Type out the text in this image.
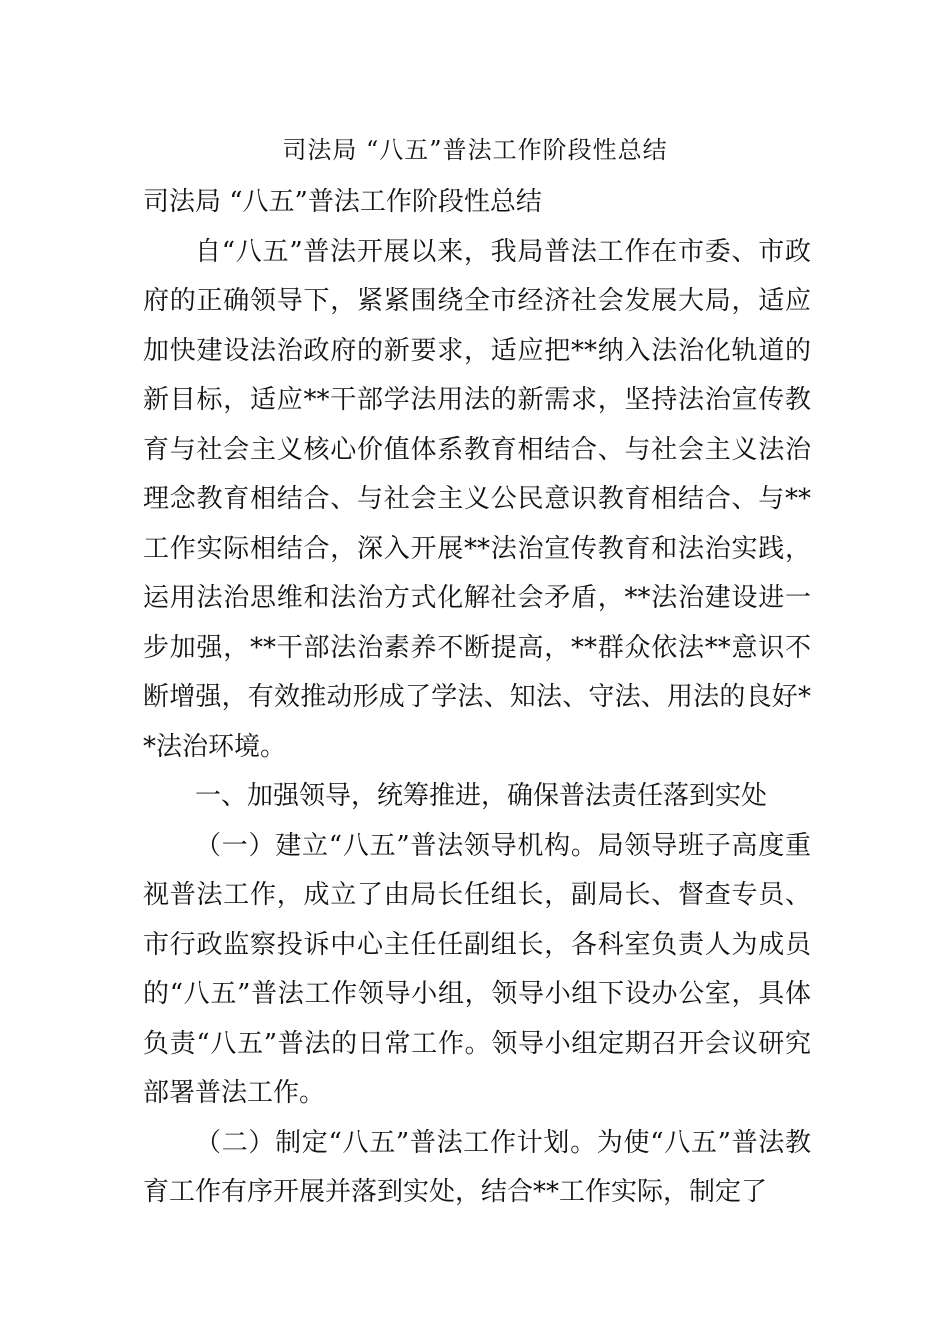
司法局 “八五”普法工作阶段性总结

司法局 “八五”普法工作阶段性总结

自“八五”普法开展以来，我局普法工作在市委、市政府的正确领导下，紧紧围绕全市经济社会发展大局，适应加快建设法治政府的新要求，适应把**纳入法治化轨道的新目标，适应**干部学法用法的新需求，坚持法治宣传教育与社会主义核心价值体系教育相结合、与社会主义法治理念教育相结合、与社会主义公民意识教育相结合、与**工作实际相结合，深入开展**法治宣传教育和法治实践，运用法治思维和法治方式化解社会矛盾，**法治建设进一步加强，**干部法治素养不断提高，**群众依法**意识不断增强，有效推动形成了学法、知法、守法、用法的良好**法治环境。

一、加强领导，统筹推进，确保普法责任落到实处

（一）建立“八五”普法领导机构。局领导班子高度重视普法工作，成立了由局长任组长，副局长、督查专员、市行政监察投诉中心主任任副组长，各科室负责人为成员的“八五”普法工作领导小组，领导小组下设办公室，具体负责“八五”普法的日常工作。领导小组定期召开会议研究部署普法工作。

（二）制定“八五”普法工作计划。为使“八五”普法教育工作有序开展并落到实处，结合**工作实际，制定了
